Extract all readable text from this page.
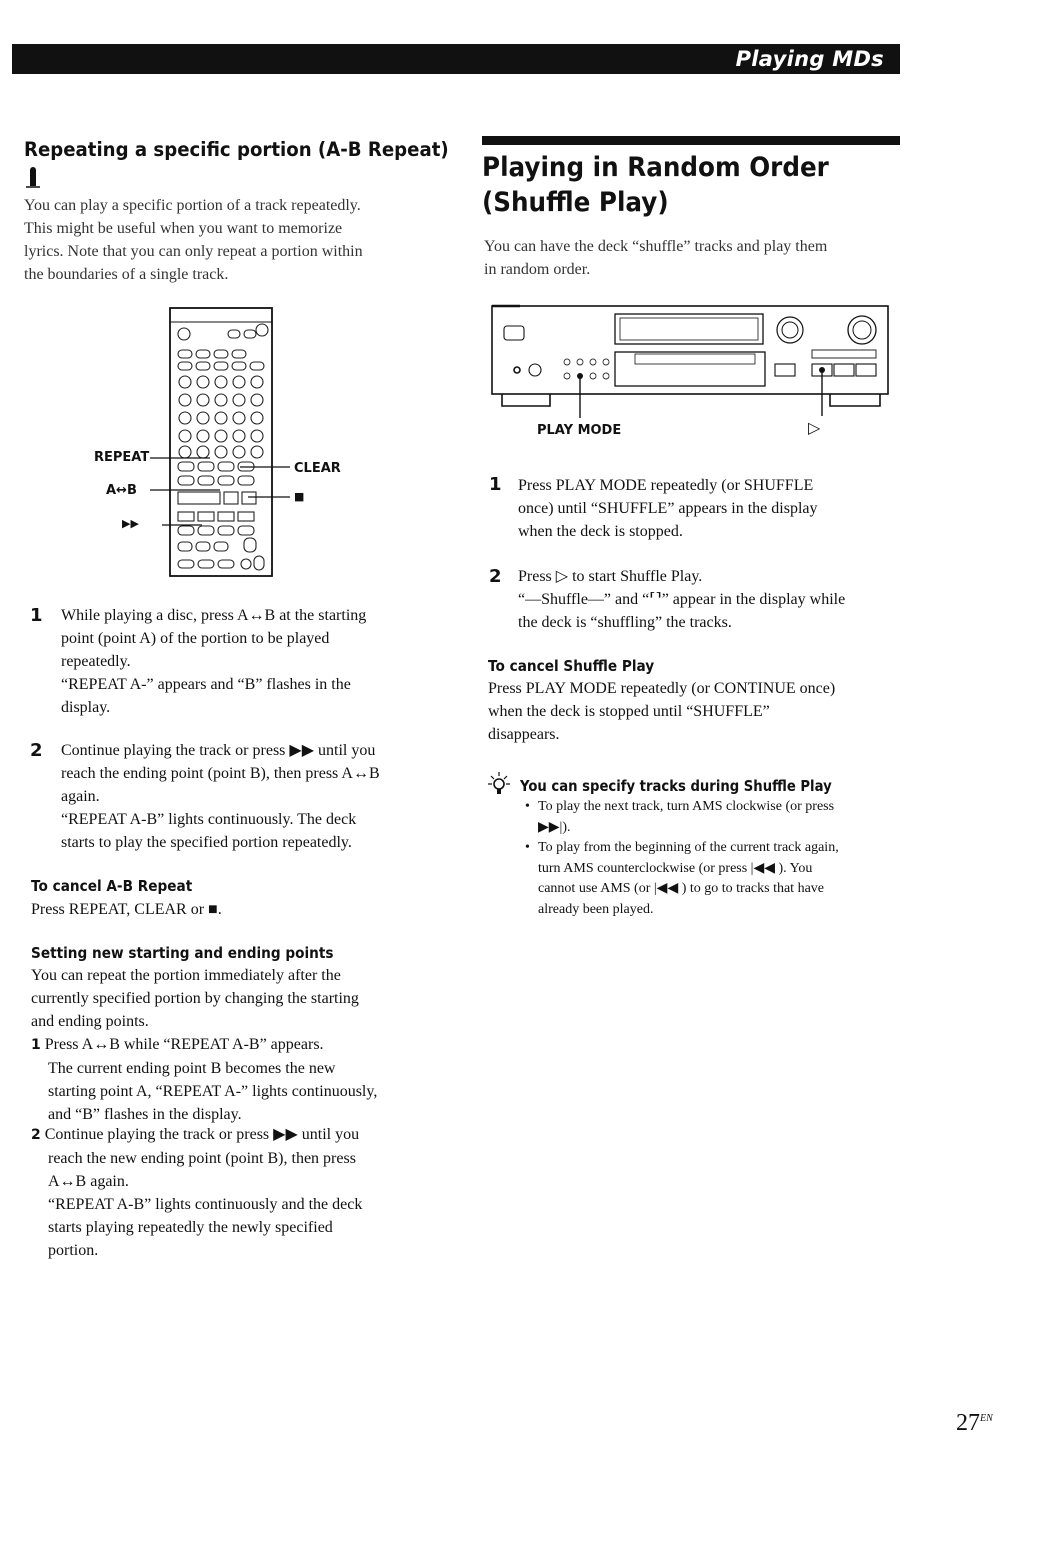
Playing MDs
Repeating a specific portion (A-B Repeat)

You can play a specific portion of a track repeatedly.

This might be useful when you want to memorize

lyrics. Note that you can only repeat a portion within

the boundaries of a single track.

REPEAT
A↔B
▶▶
CLEAR
■
1 While playing a disc, press A↔B at the starting

point (point A) of the portion to be played

repeatedly.

“REPEAT A-” appears and “B” flashes in the

display.

2 Continue playing the track or press ▶▶ until you

reach the ending point (point B), then press A↔B

again.

“REPEAT A-B” lights continuously. The deck

starts to play the specified portion repeatedly.

To cancel A-B Repeat
Press REPEAT, CLEAR or ■.
Setting new starting and ending points

You can repeat the portion immediately after the

currently specified portion by changing the starting

and ending points.

1 Press A↔B while “REPEAT A-B” appears.

The current ending point B becomes the new

starting point A, “REPEAT A-” lights continuously,

and “B” flashes in the display.

2 Continue playing the track or press ▶▶ until you

reach the new ending point (point B), then press

A↔B again.

“REPEAT A-B” lights continuously and the deck

starts playing repeatedly the newly specified

portion.

Playing in Random Order
(Shuffle Play)

You can have the deck “shuffle” tracks and play them

in random order.

PLAY MODE	▷
1 Press PLAY MODE repeatedly (or SHUFFLE

once) until “SHUFFLE” appears in the display

when the deck is stopped.

2 Press ▷ to start Shuffle Play.

“—Shuffle—” and “⸢⸣” appear in the display while

the deck is “shuffling” the tracks.

To cancel Shuffle Play

Press PLAY MODE repeatedly (or CONTINUE once)

when the deck is stopped until “SHUFFLE”

disappears.

You can specify tracks during Shuffle Play
• To play the next track, turn AMS clockwise (or press

▶▶|).

• To play from the beginning of the current track again,

turn AMS counterclockwise (or press |◀◀ ). You

cannot use AMS (or |◀◀ ) to go to tracks that have

already been played.

$27^{EN}$
